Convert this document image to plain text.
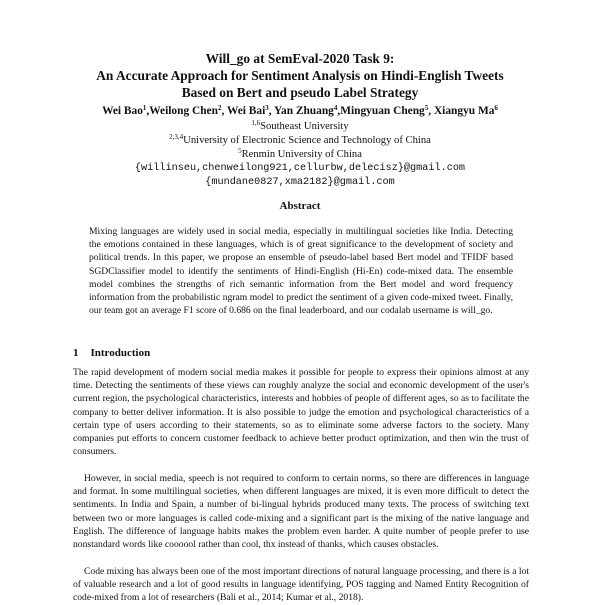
Will_go at SemEval-2020 Task 9:
An Accurate Approach for Sentiment Analysis on Hindi-English Tweets
Based on Bert and pseudo Label Strategy
Wei Bao$^1$,Weilong Chen$^2$, Wei Bai$^3$, Yan Zhuang$^4$,Mingyuan Cheng$^5$, Xiangyu Ma$^6$
$^{1,6}$Southeast University
$^{2,3,4}$University of Electronic Science and Technology of China
$^5$Renmin University of China
{willinseu,chenweilong921,cellurbw,delecisz}@gmail.com
{mundane0827,xma2182}@gmail.com
Abstract

Mixing languages are widely used in social media, especially in multilingual societies like India. Detecting the emotions contained in these languages, which is of great significance to the development of society and political trends. In this paper, we propose an ensemble of pseudo-label based Bert model and TFIDF based SGDClassifier model to identify the sentiments of Hindi-English (Hi-En) code-mixed data. The ensemble model combines the strengths of rich semantic information from the Bert model and word frequency information from the probabilistic ngram model to predict the sentiment of a given code-mixed tweet. Finally, our team got an average F1 score of 0.686 on the final leaderboard, and our codalab username is will_go.

1 Introduction

The rapid development of modern social media makes it possible for people to express their opinions almost at any time. Detecting the sentiments of these views can roughly analyze the social and economic development of the user's current region, the psychological characteristics, interests and hobbies of people of different ages, so as to facilitate the company to better deliver information. It is also possible to judge the emotion and psychological characteristics of a certain type of users according to their statements, so as to eliminate some adverse factors to the society. Many companies put efforts to concern customer feedback to achieve better product optimization, and then win the trust of consumers.

However, in social media, speech is not required to conform to certain norms, so there are differences in language and format. In some multilingual societies, when different languages are mixed, it is even more difficult to detect the sentiments. In India and Spain, a number of bi-lingual hybrids produced many texts. The process of switching text between two or more languages is called code-mixing and a significant part is the mixing of the native language and English. The difference of language habits makes the problem even harder. A quite number of people prefer to use nonstandard words like coooool rather than cool, thx instead of thanks, which causes obstacles.

Code mixing has always been one of the most important directions of natural language processing, and there is a lot of valuable research and a lot of good results in language identifying, POS tagging and Named Entity Recognition of code-mixed from a lot of researchers (Bali et al., 2014; Kumar et al., 2018).
